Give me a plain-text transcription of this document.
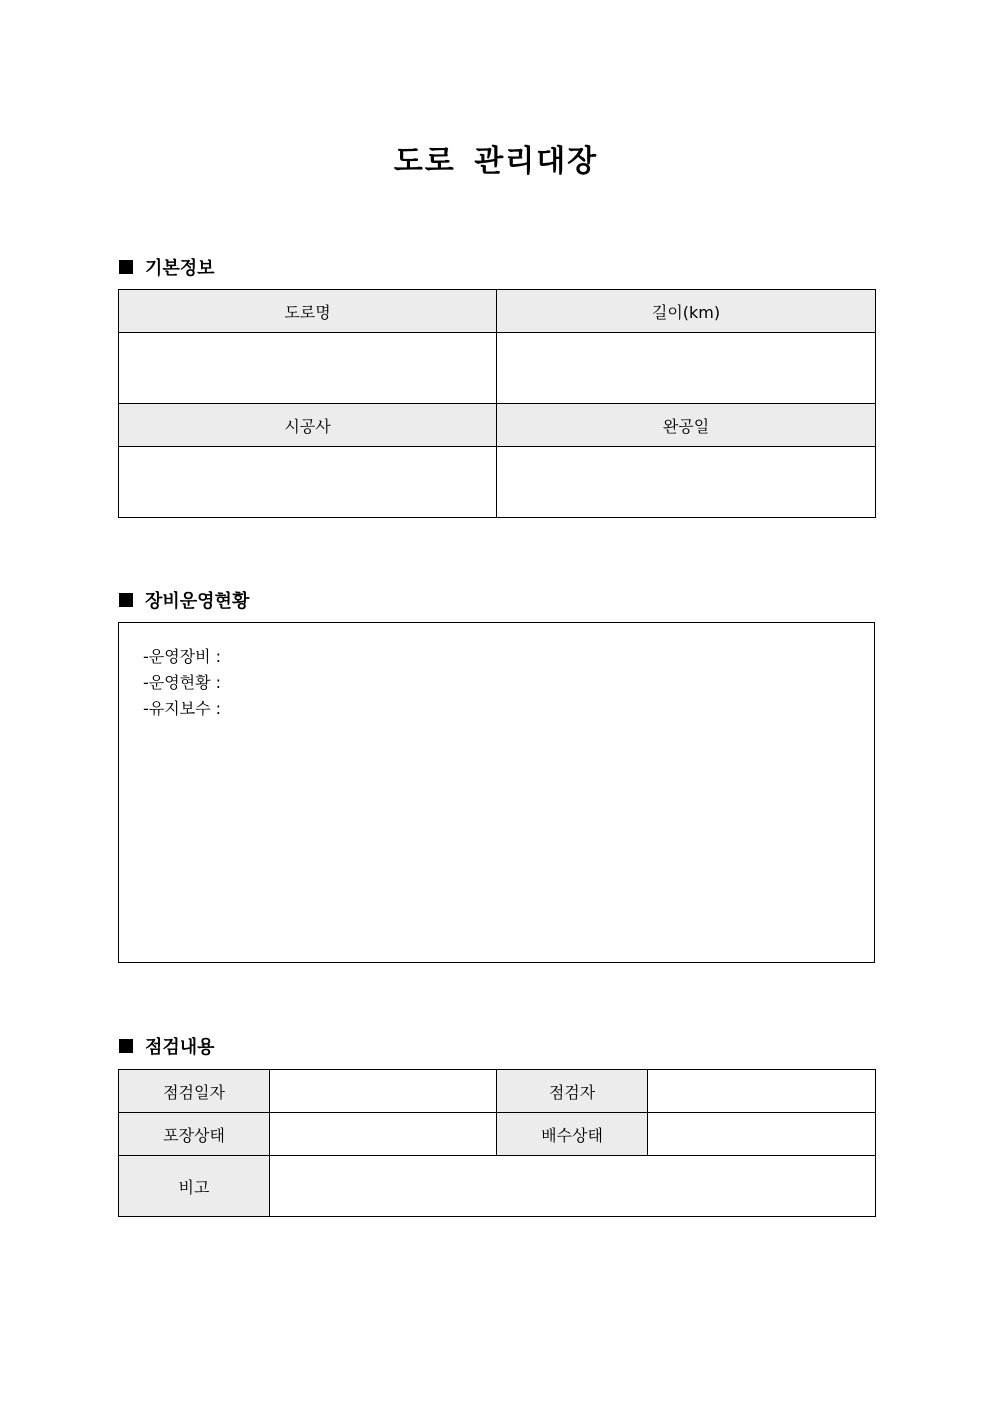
도로 관리대장
기본정보
도로명	길이(km)

시공사	완공일

장비운영현황
-운영장비 :
-운영현황 :
-유지보수 :
점검내용
점검일자		점검자	
포장상태		배수상태	
비고			
